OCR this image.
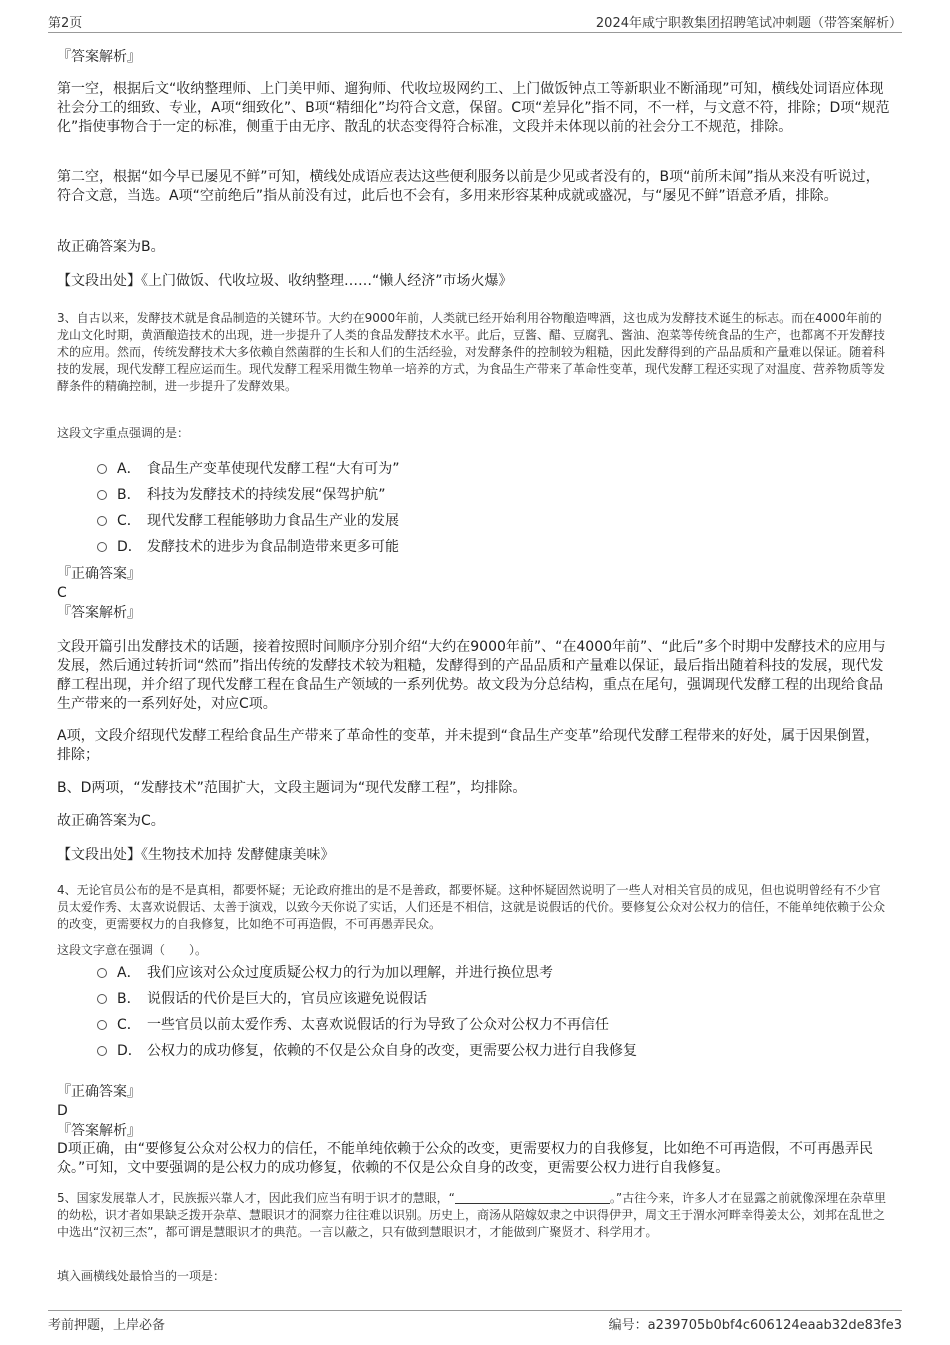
第2页	2024年咸宁职教集团招聘笔试冲刺题（带答案解析）

『答案解析』

第一空，根据后文“收纳整理师、上门美甲师、遛狗师、代收垃圾网约工、上门做饭钟点工等新职业不断涌现”可知，横线处词语应体现社会分工的细致、专业，A项“细致化”、B项“精细化”均符合文意，保留。C项“差异化”指不同，不一样，与文意不符，排除；D项“规范化”指使事物合于一定的标准，侧重于由无序、散乱的状态变得符合标准，文段并未体现以前的社会分工不规范，排除。

第二空，根据“如今早已屡见不鲜”可知，横线处成语应表达这些便利服务以前是少见或者没有的，B项“前所未闻”指从来没有听说过，符合文意，当选。A项“空前绝后”指从前没有过，此后也不会有，多用来形容某种成就或盛况，与“屡见不鲜”语意矛盾，排除。

故正确答案为B。

【文段出处】《上门做饭、代收垃圾、收纳整理……“懒人经济”市场火爆》

3、自古以来，发酵技术就是食品制造的关键环节。大约在9000年前，人类就已经开始利用谷物酿造啤酒，这也成为发酵技术诞生的标志。而在4000年前的龙山文化时期，黄酒酿造技术的出现，进一步提升了人类的食品发酵技术水平。此后，豆酱、醋、豆腐乳、酱油、泡菜等传统食品的生产，也都离不开发酵技术的应用。然而，传统发酵技术大多依赖自然菌群的生长和人们的生活经验，对发酵条件的控制较为粗糙，因此发酵得到的产品品质和产量难以保证。随着科技的发展，现代发酵工程应运而生。现代发酵工程采用微生物单一培养的方式，为食品生产带来了革命性变革，现代发酵工程还实现了对温度、营养物质等发酵条件的精确控制，进一步提升了发酵效果。

这段文字重点强调的是：

A． 食品生产变革使现代发酵工程“大有可为”
B． 科技为发酵技术的持续发展“保驾护航”
C． 现代发酵工程能够助力食品生产业的发展
D． 发酵技术的进步为食品制造带来更多可能

『正确答案』

C

『答案解析』

文段开篇引出发酵技术的话题，接着按照时间顺序分别介绍“大约在9000年前”、“在4000年前”、“此后”多个时期中发酵技术的应用与发展，然后通过转折词“然而”指出传统的发酵技术较为粗糙，发酵得到的产品品质和产量难以保证，最后指出随着科技的发展，现代发酵工程出现，并介绍了现代发酵工程在食品生产领域的一系列优势。故文段为分总结构，重点在尾句，强调现代发酵工程的出现给食品生产带来的一系列好处，对应C项。

A项，文段介绍现代发酵工程给食品生产带来了革命性的变革，并未提到“食品生产变革”给现代发酵工程带来的好处，属于因果倒置，排除；

B、D两项，“发酵技术”范围扩大，文段主题词为“现代发酵工程”，均排除。

故正确答案为C。

【文段出处】《生物技术加持 发酵健康美味》

4、无论官员公布的是不是真相，都要怀疑；无论政府推出的是不是善政，都要怀疑。这种怀疑固然说明了一些人对相关官员的成见，但也说明曾经有不少官员太爱作秀、太喜欢说假话、太善于演戏，以致今天你说了实话，人们还是不相信，这就是说假话的代价。要修复公众对公权力的信任，不能单纯依赖于公众的改变，更需要权力的自我修复，比如绝不可再造假，不可再愚弄民众。

这段文字意在强调（　　）。

A． 我们应该对公众过度质疑公权力的行为加以理解，并进行换位思考
B． 说假话的代价是巨大的，官员应该避免说假话
C． 一些官员以前太爱作秀、太喜欢说假话的行为导致了公众对公权力不再信任
D． 公权力的成功修复，依赖的不仅是公众自身的改变，更需要公权力进行自我修复

『正确答案』

D

『答案解析』

D项正确，由“要修复公众对公权力的信任，不能单纯依赖于公众的改变，更需要权力的自我修复，比如绝不可再造假，不可再愚弄民众。”可知，文中要强调的是公权力的成功修复，依赖的不仅是公众自身的改变，更需要公权力进行自我修复。

5、国家发展靠人才，民族振兴靠人才，因此我们应当有明于识才的慧眼，“	。”古往今来，许多人才在显露之前就像深埋在杂草里的幼松，识才者如果缺乏拨开杂草、慧眼识才的洞察力往往难以识别。历史上，商汤从陪嫁奴隶之中识得伊尹，周文王于渭水河畔幸得姜太公，刘邦在乱世之中选出“汉初三杰”，都可谓是慧眼识才的典范。一言以蔽之，只有做到慧眼识才，才能做到广聚贤才、科学用才。

填入画横线处最恰当的一项是：

考前押题，上岸必备	编号：a239705b0bf4c606124eaab32de83fe3
